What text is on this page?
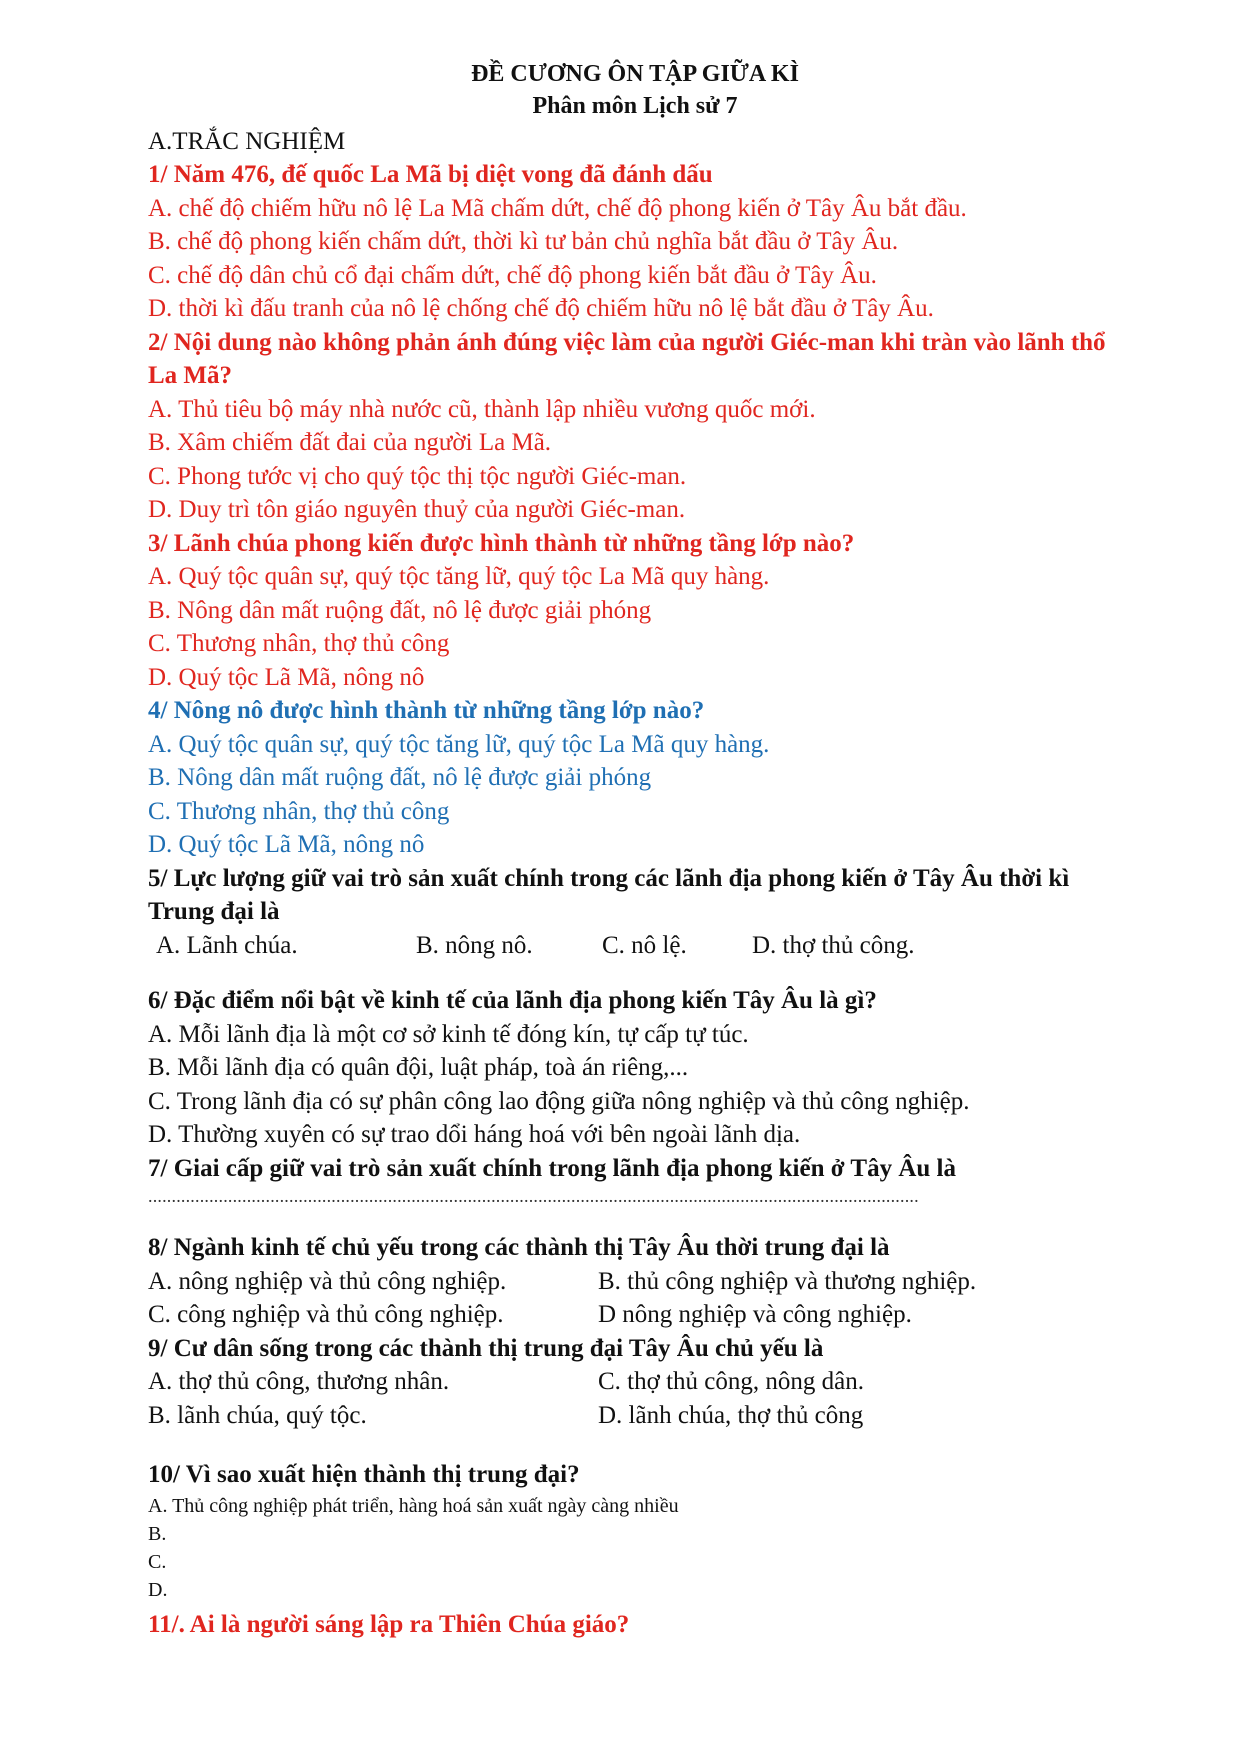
ĐỀ CƯƠNG ÔN TẬP GIỮA KÌ
Phân môn Lịch sử 7
A.TRẮC NGHIỆM
1/ Năm 476, đế quốc La Mã bị diệt vong đã đánh dấu
A. chế độ chiếm hữu nô lệ La Mã chấm dứt, chế độ phong kiến ở Tây Âu bắt đầu.
B. chế độ phong kiến chấm dứt, thời kì tư bản chủ nghĩa bắt đầu ở Tây Âu.
C. chế độ dân chủ cổ đại chấm dứt, chế độ phong kiến bắt đầu ở Tây Âu.
D. thời kì đấu tranh của nô lệ chống chế độ chiếm hữu nô lệ bắt đầu ở Tây Âu.
2/ Nội dung nào không phản ánh đúng việc làm của người Giéc-man khi tràn vào lãnh thổ La Mã?
A. Thủ tiêu bộ máy nhà nước cũ, thành lập nhiều vương quốc mới.
B. Xâm chiếm đất đai của người La Mã.
C. Phong tước vị cho quý tộc thị tộc người Giéc-man.
D. Duy trì tôn giáo nguyên thuỷ của người Giéc-man.
3/ Lãnh chúa phong kiến được hình thành từ những tầng lớp nào?
A. Quý tộc quân sự, quý tộc tăng lữ, quý tộc La Mã quy hàng.
B. Nông dân mất ruộng đất, nô lệ được giải phóng
C. Thương nhân, thợ thủ công
D. Quý tộc Lã Mã, nông nô
4/ Nông nô được hình thành từ những tầng lớp nào?
A. Quý tộc quân sự, quý tộc tăng lữ, quý tộc La Mã quy hàng.
B. Nông dân mất ruộng đất, nô lệ được giải phóng
C. Thương nhân, thợ thủ công
D. Quý tộc Lã Mã, nông nô
5/ Lực lượng giữ vai trò sản xuất chính trong các lãnh địa phong kiến ở Tây Âu thời kì Trung đại là
A. Lãnh chúa.	B. nông nô.	C. nô lệ.	D. thợ thủ công.
6/ Đặc điểm nổi bật về kinh tế của lãnh địa phong kiến Tây Âu là gì?
A. Mỗi lãnh địa là một cơ sở kinh tế đóng kín, tự cấp tự túc.
B. Mỗi lãnh địa có quân đội, luật pháp, toà án riêng,...
C. Trong lãnh địa có sự phân công lao động giữa nông nghiệp và thủ công nghiệp.
D. Thường xuyên có sự trao dổi háng hoá với bên ngoài lãnh dịa.
7/ Giai cấp giữ vai trò sản xuất chính trong lãnh địa phong kiến ở Tây Âu là
....................................................................................................................................................................
8/ Ngành kinh tế chủ yếu trong các thành thị Tây Âu thời trung đại là
A. nông nghiệp và thủ công nghiệp.	B. thủ công nghiệp và thương nghiệp.
C. công nghiệp và thủ công nghiệp.	D nông nghiệp và công nghiệp.
9/ Cư dân sống trong các thành thị trung đại Tây Âu chủ yếu là
A. thợ thủ công, thương nhân.	C. thợ thủ công, nông dân.
B. lãnh chúa, quý tộc.	D. lãnh chúa, thợ thủ công
10/ Vì sao xuất hiện thành thị trung đại?
A. Thủ công nghiệp phát triển, hàng hoá sản xuất ngày càng nhiều
B.
C.
D.
11/. Ai là người sáng lập ra Thiên Chúa giáo?
